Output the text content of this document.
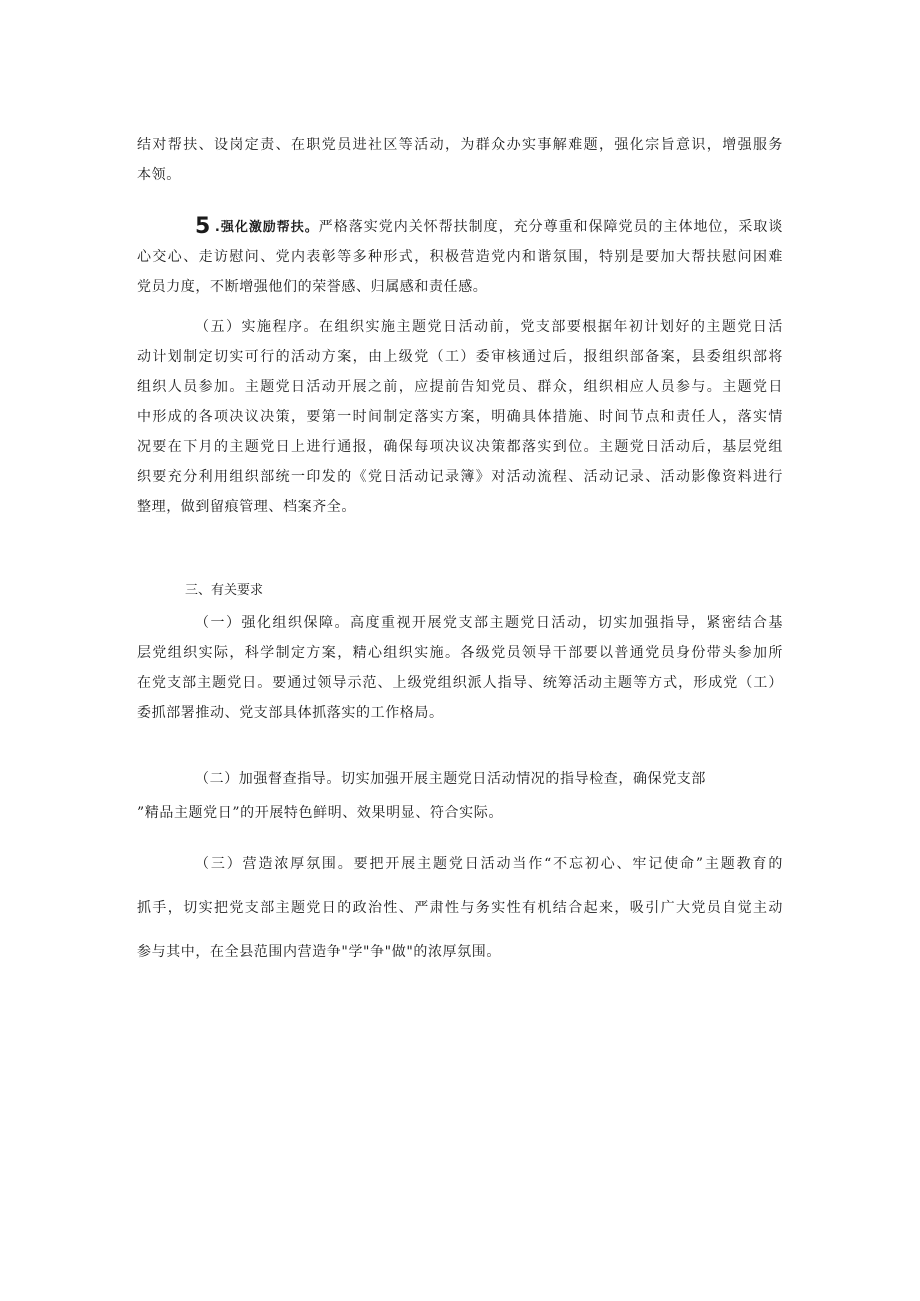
结对帮扶、设岗定责、在职党员进社区等活动，为群众办实事解难题，强化宗旨意识，增强服务
本领。
5 .强化激励帮扶。严格落实党内关怀帮扶制度，充分尊重和保障党员的主体地位，采取谈
心交心、走访慰问、党内表彰等多种形式，积极营造党内和谐氛围，特别是要加大帮扶慰问困难
党员力度，不断增强他们的荣誉感、归属感和责任感。
（五）实施程序。在组织实施主题党日活动前，党支部要根据年初计划好的主题党日活
动计划制定切实可行的活动方案，由上级党（工）委审核通过后，报组织部备案，县委组织部将
组织人员参加。主题党日活动开展之前，应提前告知党员、群众，组织相应人员参与。主题党日
中形成的各项决议决策，要第一时间制定落实方案，明确具体措施、时间节点和责任人，落实情
况要在下月的主题党日上进行通报，确保每项决议决策都落实到位。主题党日活动后，基层党组
织要充分利用组织部统一印发的《党日活动记录簿》对活动流程、活动记录、活动影像资料进行
整理，做到留痕管理、档案齐全。
三、有关要求
（一）强化组织保障。高度重视开展党支部主题党日活动，切实加强指导，紧密结合基
层党组织实际，科学制定方案，精心组织实施。各级党员领导干部要以普通党员身份带头参加所
在党支部主题党日。要通过领导示范、上级党组织派人指导、统筹活动主题等方式，形成党（工）
委抓部署推动、党支部具体抓落实的工作格局。
（二）加强督查指导。切实加强开展主题党日活动情况的指导检查，确保党支部
”精品主题党日”的开展特色鲜明、效果明显、符合实际。
（三）营造浓厚氛围。要把开展主题党日活动当作“不忘初心、牢记使命”主题教育的
抓手，切实把党支部主题党日的政治性、严肃性与务实性有机结合起来，吸引广大党员自觉主动
参与其中，在全县范围内营造争"学"争"做"的浓厚氛围。
